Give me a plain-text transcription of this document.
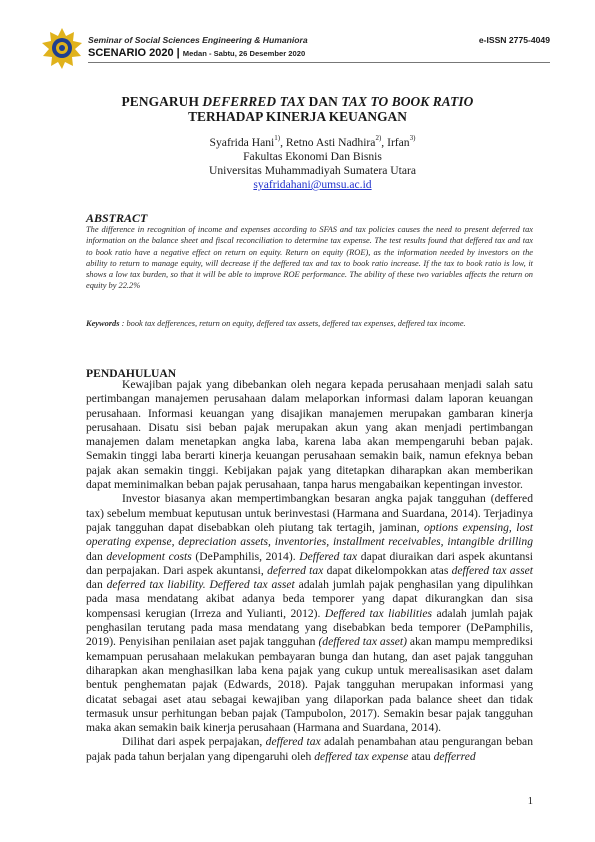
Seminar of Social Sciences Engineering & Humaniora
SCENARIO 2020 | Medan - Sabtu, 26 Desember 2020
e-ISSN 2775-4049
PENGARUH DEFERRED TAX DAN TAX TO BOOK RATIO
TERHADAP KINERJA KEUANGAN
Syafrida Hani$^{1)}$, Retno Asti Nadhira$^{2)}$, Irfan$^{3)}$
Fakultas Ekonomi Dan Bisnis
Universitas Muhammadiyah Sumatera Utara
syafridahani@umsu.ac.id
ABSTRACT
The difference in recognition of income and expenses according to SFAS and tax policies causes the need to present deferred tax information on the balance sheet and fiscal reconciliation to determine tax expense. The test results found that deffered tax and tax to book ratio have a negative effect on return on equity. Return on equity (ROE), as the information needed by investors on the ability to return to manage equity, will decrease if the deffered tax and tax to book ratio increase. If the tax to book ratio is low, it shows a low tax burden, so that it will be able to improve ROE performance. The ability of these two variables affects the return on equity by 22.2%
Keywords : book tax defferences, return on equity, deffered tax assets, deffered tax expenses, deffered tax income.
PENDAHULUAN

Kewajiban pajak yang dibebankan oleh negara kepada perusahaan menjadi salah satu pertimbangan manajemen perusahaan dalam melaporkan informasi dalam laporan keuangan perusahaan. Informasi keuangan yang disajikan manajemen merupakan gambaran kinerja perusahaan. Disatu sisi beban pajak merupakan akun yang akan menjadi pertimbangan manajemen dalam menetapkan angka laba, karena laba akan mempengaruhi beban pajak. Semakin tinggi laba berarti kinerja keuangan perusahaan semakin baik, namun efeknya beban pajak akan semakin tinggi. Kebijakan pajak yang ditetapkan diharapkan akan memberikan dapat meminimalkan beban pajak perusahaan, tanpa harus mengabaikan kepentingan investor.

Investor biasanya akan mempertimbangkan besaran angka pajak tangguhan (deffered tax) sebelum membuat keputusan untuk berinvestasi (Harmana and Suardana, 2014). Terjadinya pajak tangguhan dapat disebabkan oleh piutang tak tertagih, jaminan, options expensing, lost operating expense, depreciation assets, inventories, installment receivables, intangible drilling dan development costs (DePamphilis, 2014). Deffered tax dapat diuraikan dari aspek akuntansi dan perpajakan. Dari aspek akuntansi, deferred tax dapat dikelompokkan atas deffered tax asset dan deferred tax liability. Deffered tax asset adalah jumlah pajak penghasilan yang dipulihkan pada masa mendatang akibat adanya beda temporer yang dapat dikurangkan dan sisa kompensasi kerugian (Irreza and Yulianti, 2012). Deffered tax liabilities adalah jumlah pajak penghasilan terutang pada masa mendatang yang disebabkan beda temporer (DePamphilis, 2019). Penyisihan penilaian aset pajak tangguhan (deffered tax asset) akan mampu memprediksi kemampuan perusahaan melakukan pembayaran bunga dan hutang, dan aset pajak tangguhan diharapkan akan menghasilkan laba kena pajak yang cukup untuk merealisasikan aset dalam bentuk penghematan pajak (Edwards, 2018). Pajak tangguhan merupakan informasi yang dicatat sebagai aset atau sebagai kewajiban yang dilaporkan pada balance sheet dan tidak termasuk unsur perhitungan beban pajak (Tampubolon, 2017). Semakin besar pajak tangguhan maka akan semakin baik kinerja perusahaan (Harmana and Suardana, 2014).

Dilihat dari aspek perpajakan, deffered tax adalah penambahan atau pengurangan beban pajak pada tahun berjalan yang dipengaruhi oleh deffered tax expense atau defferred

1
